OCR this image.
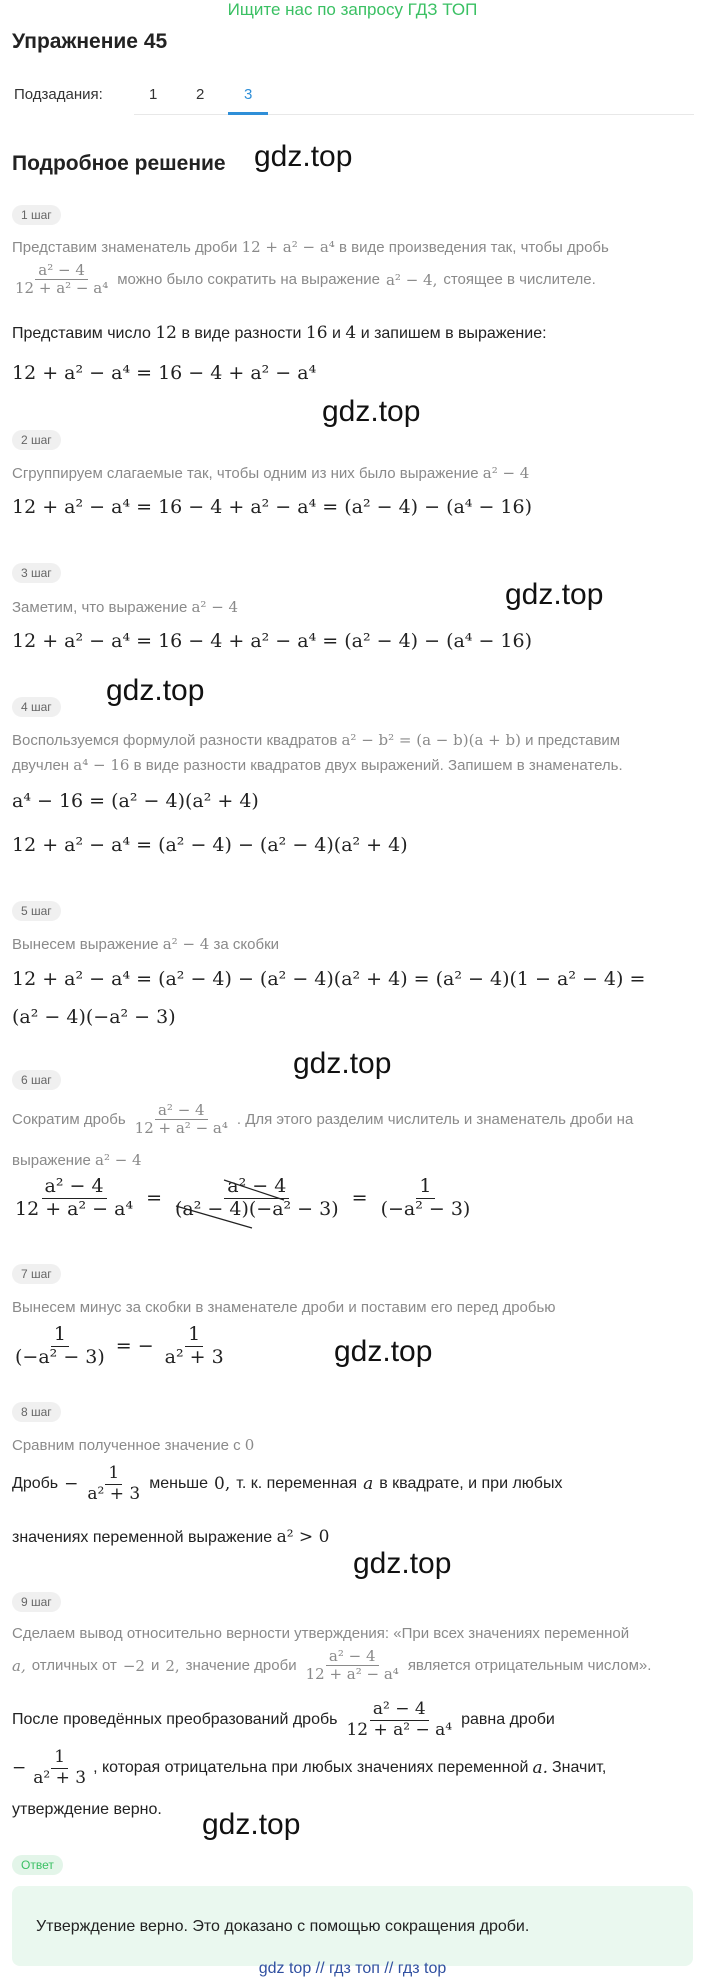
Ищите нас по запросу ГДЗ ТОП
Упражнение 45
Подзадания:	1	2	3
Подробное решение gdz.top
1 шаг
Представим знаменатель дроби 12 + a² − a⁴ в виде произведения так, чтобы дробь
$\frac{\text{a² − 4}}{\text{12 + a² − a⁴}}$ можно было сократить на выражение a² − 4, стоящее в числителе.
Представим число 12 в виде разности 16 и 4 и запишем в выражение:
12 + a² − a⁴ = 16 − 4 + a² − a⁴
gdz.top
2 шаг
Сгруппируем слагаемые так, чтобы одним из них было выражение a² − 4
12 + a² − a⁴ = 16 − 4 + a² − a⁴ = (a² − 4) − (a⁴ − 16)
3 шаг
gdz.top
Заметим, что выражение a² − 4
12 + a² − a⁴ = 16 − 4 + a² − a⁴ = (a² − 4) − (a⁴ − 16)
4 шаг	gdz.top
Воспользуемся формулой разности квадратов a² − b² = (a − b)(a + b) и представим
двучлен a⁴ − 16 в виде разности квадратов двух выражений. Запишем в знаменатель.
a⁴ − 16 = (a² − 4)(a² + 4)
12 + a² − a⁴ = (a² − 4) − (a² − 4)(a² + 4)
5 шаг
Вынесем выражение a² − 4 за скобки
12 + a² − a⁴ = (a² − 4) − (a² − 4)(a² + 4) = (a² − 4)(1 − a² − 4) =
(a² − 4)(−a² − 3)
gdz.top
6 шаг
Сократим дробь $\frac{\text{a² − 4}}{\text{12 + a² − a⁴}}$ . Для этого разделим числитель и знаменатель дроби на
выражение a² − 4
$\frac{\text{a² − 4}}{\text{12 + a² − a⁴}} = \frac{\text{a² − 4}}{\text{(a² − 4)(−a² − 3)}} = \frac{1}{\text{(−a² − 3)}}$
7 шаг
Вынесем минус за скобки в знаменателе дроби и поставим его перед дробью
$\frac{1}{\text{(−a² − 3)}}$ = − $\frac{1}{\text{a² + 3}}$	gdz.top
8 шаг
Сравним полученное значение с 0
Дробь − $\frac{1}{\text{a² + 3}}$ меньше 0, т. к. переменная a в квадрате, и при любых
значениях переменной выражение a² > 0
gdz.top
9 шаг
Сделаем вывод относительно верности утверждения: «При всех значениях переменной
a, отличных от −2 и 2, значение дроби $\frac{\text{a² − 4}}{\text{12 + a² − a⁴}}$ является отрицательным числом».
После проведённых преобразований дробь $\frac{\text{a² − 4}}{\text{12 + a² − a⁴}}$ равна дроби
− $\frac{1}{\text{a² + 3}}$ , которая отрицательна при любых значениях переменной a. Значит,
утверждение верно. gdz.top
Ответ
Утверждение верно. Это доказано с помощью сокращения дроби.
gdz top // гдз топ // гдз top
